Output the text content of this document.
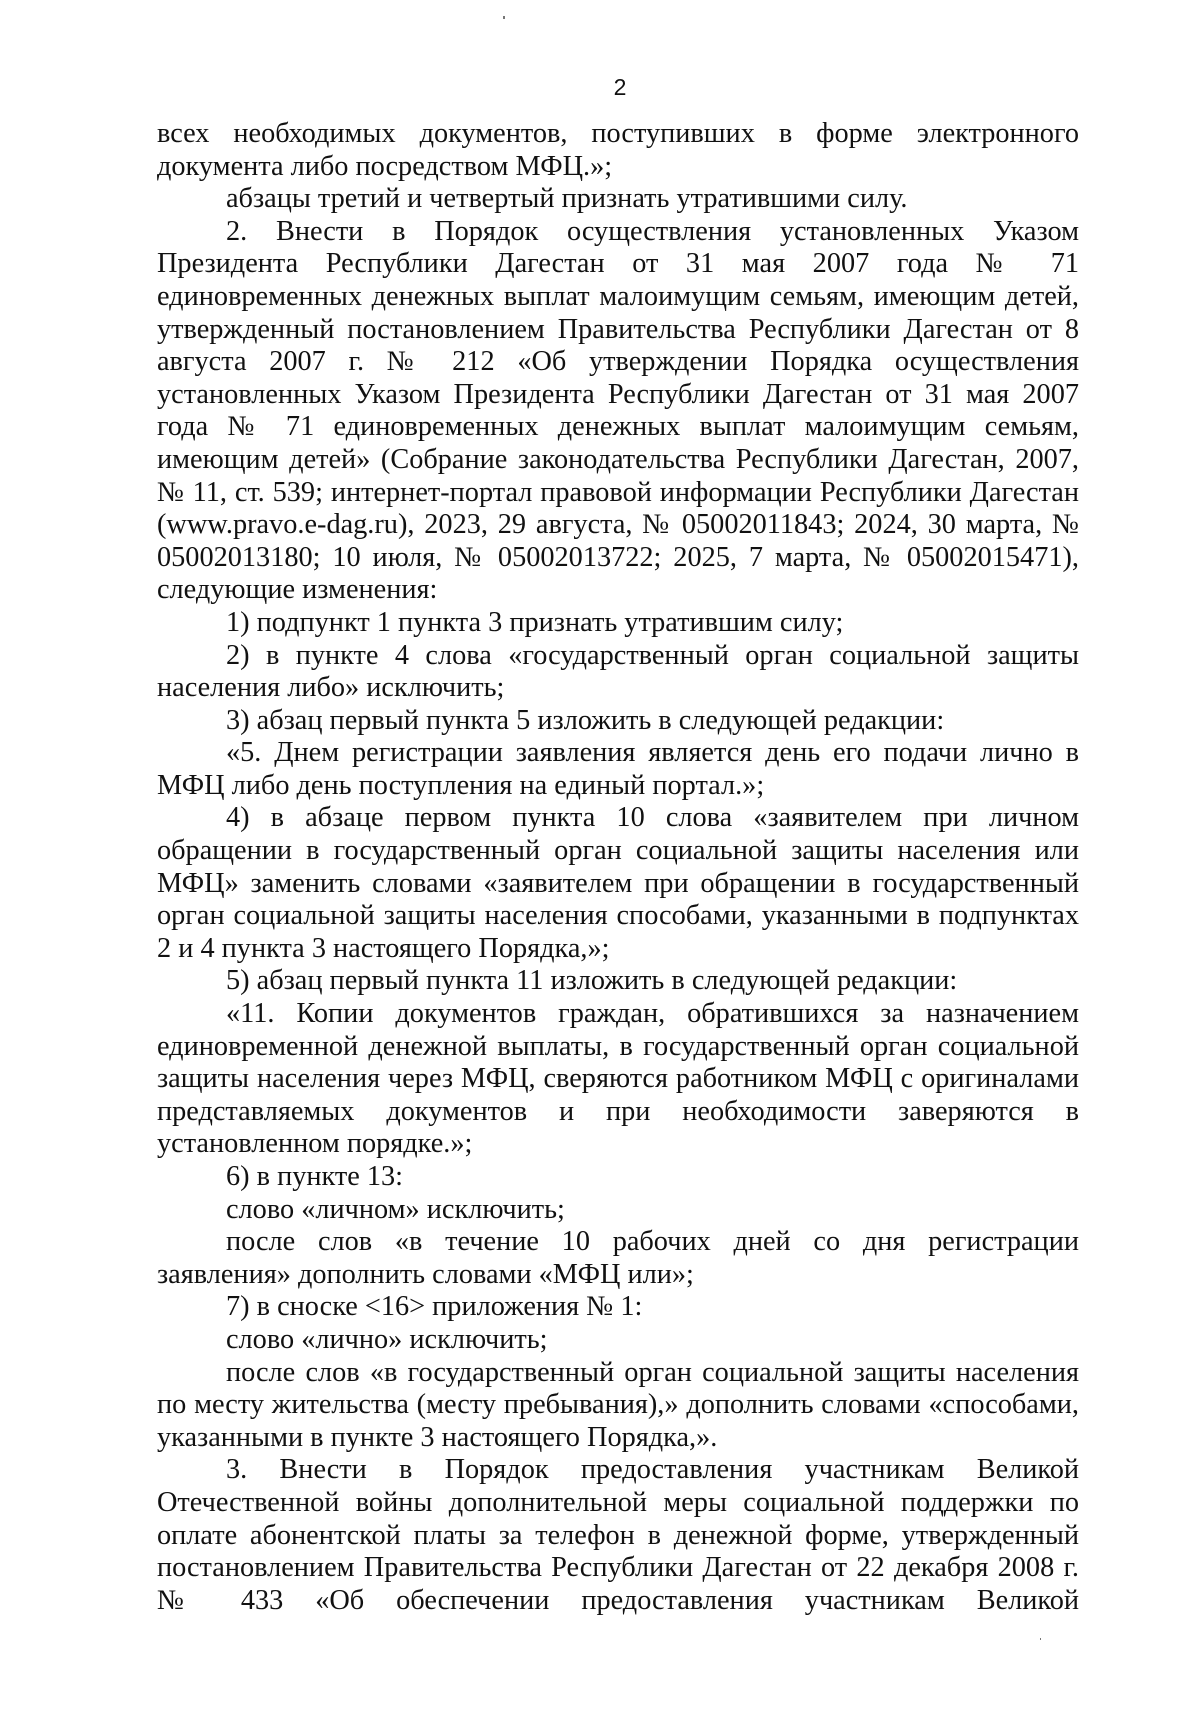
2

всех необходимых документов, поступивших в форме электронного документа либо посредством МФЦ.»;

абзацы третий и четвертый признать утратившими силу.

2. Внести в Порядок осуществления установленных Указом Президента Республики Дагестан от 31 мая 2007 года № 71 единовременных денежных выплат малоимущим семьям, имеющим детей, утвержденный постановлением Правительства Республики Дагестан от 8 августа 2007 г. № 212 «Об утверждении Порядка осуществления установленных Указом Президента Республики Дагестан от 31 мая 2007 года № 71 единовременных денежных выплат малоимущим семьям, имеющим детей» (Собрание законодательства Республики Дагестан, 2007, № 11, ст. 539; интернет-портал правовой информации Республики Дагестан (www.pravo.e-dag.ru), 2023, 29 августа, № 05002011843; 2024, 30 марта, № 05002013180; 10 июля, № 05002013722; 2025, 7 марта, № 05002015471), следующие изменения:

1) подпункт 1 пункта 3 признать утратившим силу;

2) в пункте 4 слова «государственный орган социальной защиты населения либо» исключить;

3) абзац первый пункта 5 изложить в следующей редакции:

«5. Днем регистрации заявления является день его подачи лично в МФЦ либо день поступления на единый портал.»;

4) в абзаце первом пункта 10 слова «заявителем при личном обращении в государственный орган социальной защиты населения или МФЦ» заменить словами «заявителем при обращении в государственный орган социальной защиты населения способами, указанными в подпунктах 2 и 4 пункта 3 настоящего Порядка,»;

5) абзац первый пункта 11 изложить в следующей редакции:

«11. Копии документов граждан, обратившихся за назначением единовременной денежной выплаты, в государственный орган социальной защиты населения через МФЦ, сверяются работником МФЦ с оригиналами представляемых документов и при необходимости заверяются в установленном порядке.»;

6) в пункте 13:

слово «личном» исключить;

после слов «в течение 10 рабочих дней со дня регистрации заявления» дополнить словами «МФЦ или»;

7) в сноске <16> приложения № 1:

слово «лично» исключить;

после слов «в государственный орган социальной защиты населения по месту жительства (месту пребывания),» дополнить словами «способами, указанными в пункте 3 настоящего Порядка,».

3. Внести в Порядок предоставления участникам Великой Отечественной войны дополнительной меры социальной поддержки по оплате абонентской платы за телефон в денежной форме, утвержденный постановлением Правительства Республики Дагестан от 22 декабря 2008 г. № 433 «Об обеспечении предоставления участникам Великой
